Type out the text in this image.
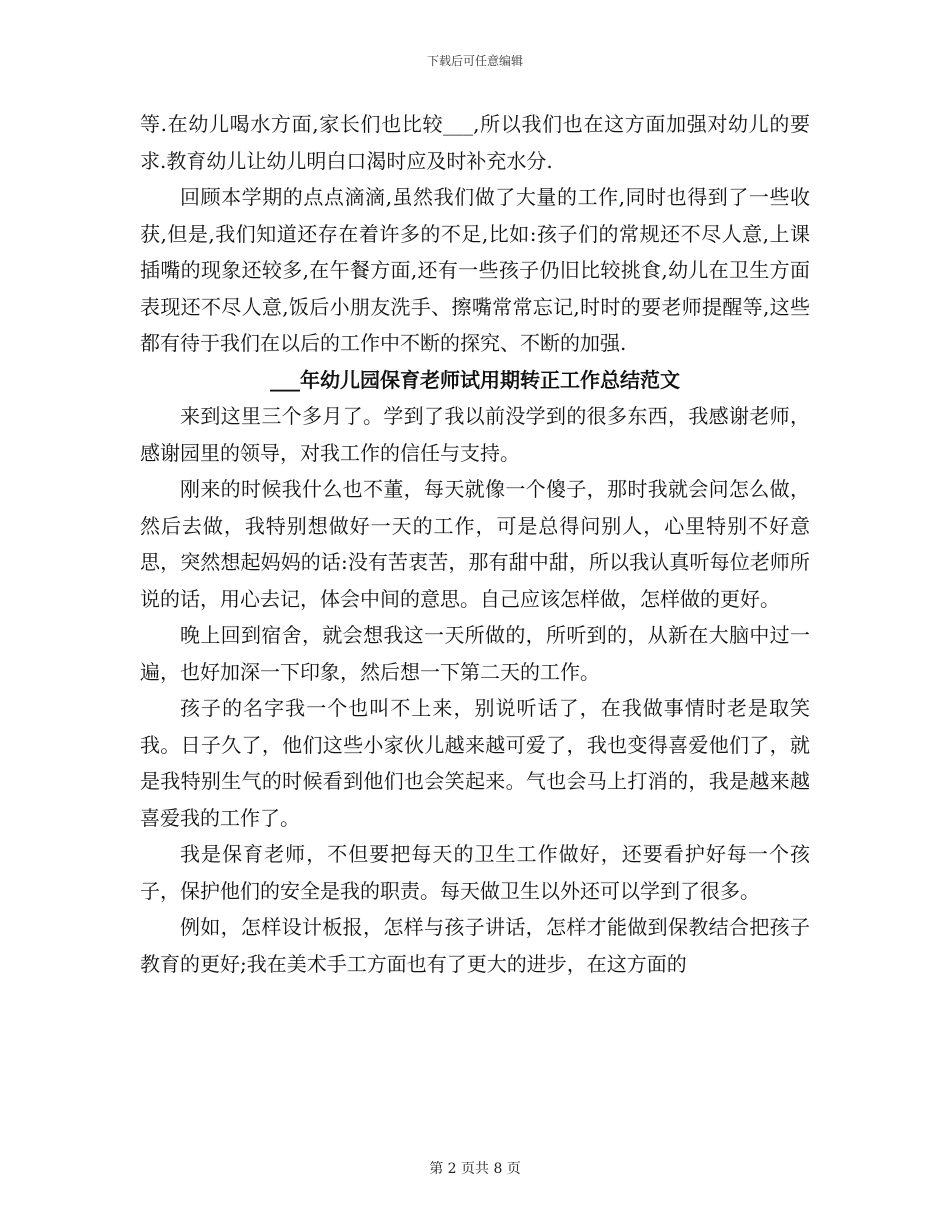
下载后可任意编辑

等.在幼儿喝水方面,家长们也比较___,所以我们也在这方面加强对幼儿的要求.教育幼儿让幼儿明白口渴时应及时补充水分.

回顾本学期的点点滴滴,虽然我们做了大量的工作,同时也得到了一些收获,但是,我们知道还存在着许多的不足,比如:孩子们的常规还不尽人意,上课插嘴的现象还较多,在午餐方面,还有一些孩子仍旧比较挑食,幼儿在卫生方面表现还不尽人意,饭后小朋友洗手、擦嘴常常忘记,时时的要老师提醒等,这些都有待于我们在以后的工作中不断的探究、不断的加强.

___年幼儿园保育老师试用期转正工作总结范文

来到这里三个多月了。学到了我以前没学到的很多东西，我感谢老师，感谢园里的领导，对我工作的信任与支持。

刚来的时候我什么也不董，每天就像一个傻子，那时我就会问怎么做，然后去做，我特别想做好一天的工作，可是总得问别人，心里特别不好意思，突然想起妈妈的话:没有苦衷苦，那有甜中甜，所以我认真听每位老师所说的话，用心去记，体会中间的意思。自己应该怎样做，怎样做的更好。

晚上回到宿舍，就会想我这一天所做的，所听到的，从新在大脑中过一遍，也好加深一下印象，然后想一下第二天的工作。

孩子的名字我一个也叫不上来，别说听话了，在我做事情时老是取笑我。日子久了，他们这些小家伙儿越来越可爱了，我也变得喜爱他们了，就是我特别生气的时候看到他们也会笑起来。气也会马上打消的，我是越来越喜爱我的工作了。

我是保育老师，不但要把每天的卫生工作做好，还要看护好每一个孩子，保护他们的安全是我的职责。每天做卫生以外还可以学到了很多。

例如，怎样设计板报，怎样与孩子讲话，怎样才能做到保教结合把孩子教育的更好;我在美术手工方面也有了更大的进步，在这方面的

第 2 页共 8 页
